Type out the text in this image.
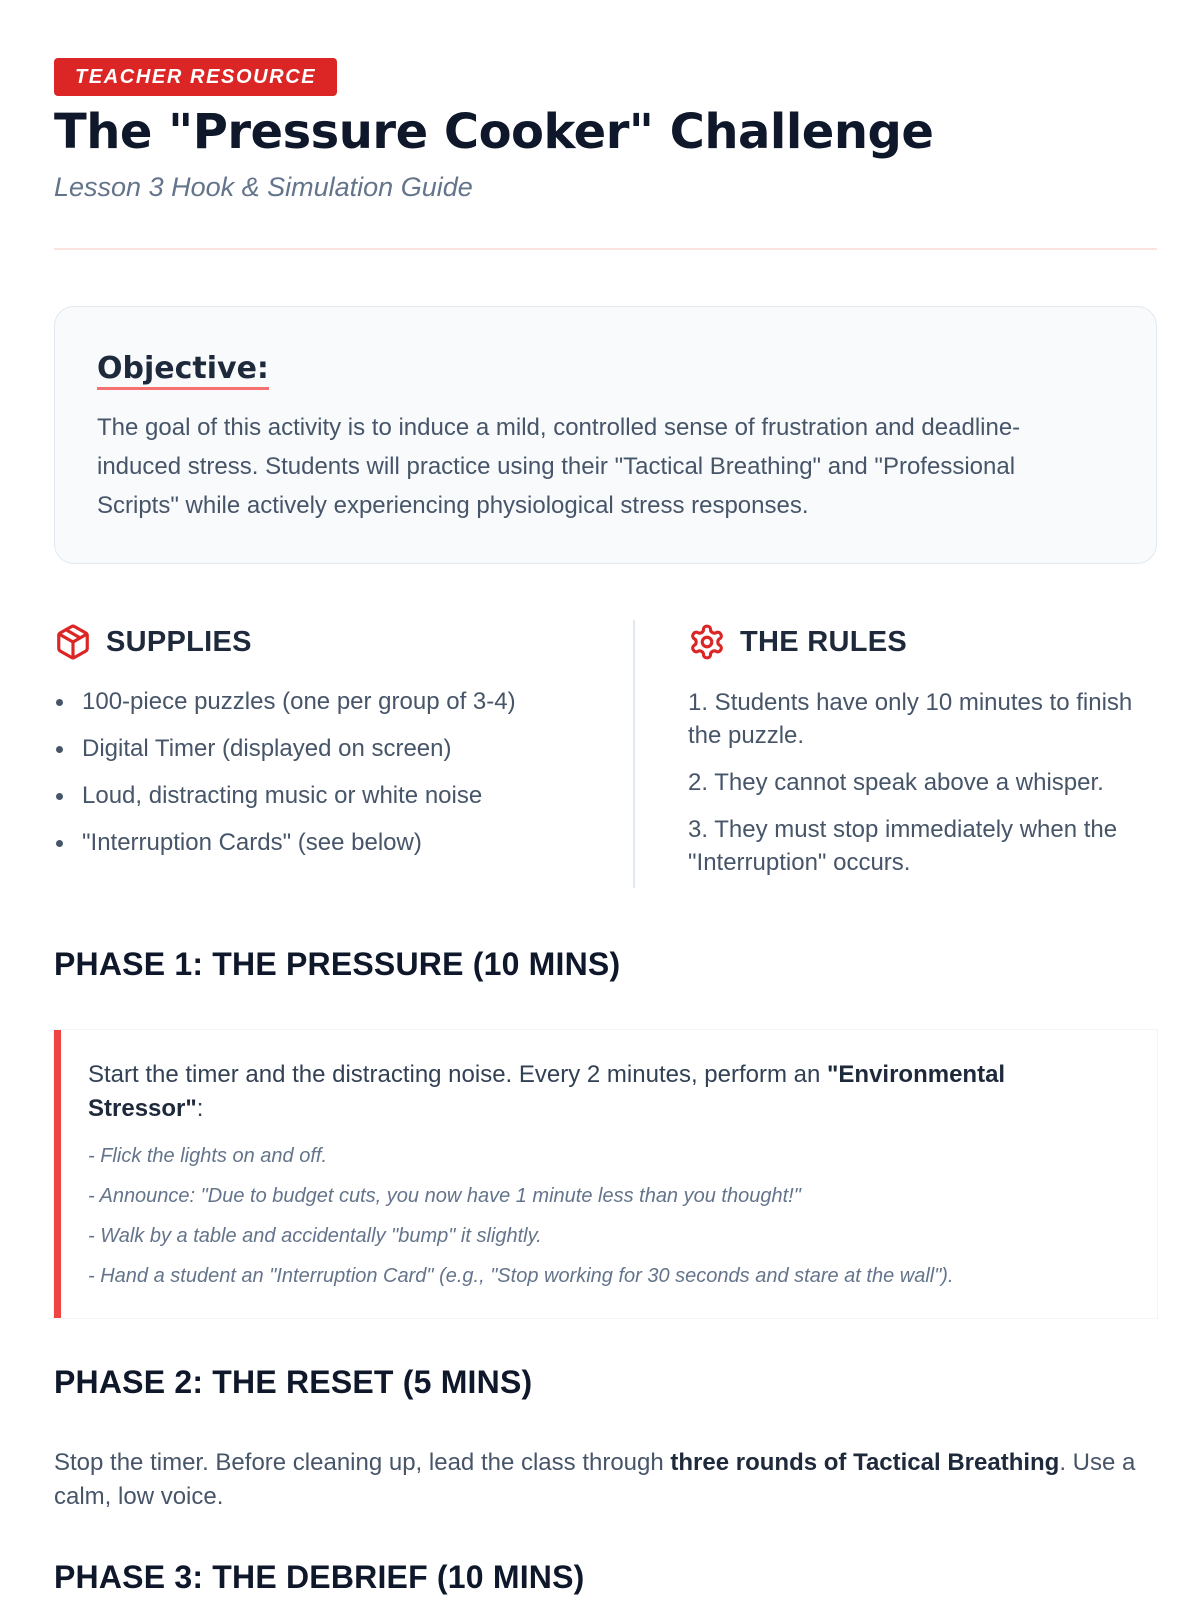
TEACHER RESOURCE
The "Pressure Cooker" Challenge
Lesson 3 Hook & Simulation Guide
Objective:

The goal of this activity is to induce a mild, controlled sense of frustration and deadline-induced stress. Students will practice using their "Tactical Breathing" and "Professional Scripts" while actively experiencing physiological stress responses.

SUPPLIES
100-piece puzzles (one per group of 3-4)
Digital Timer (displayed on screen)
Loud, distracting music or white noise
"Interruption Cards" (see below)
THE RULES
1. Students have only 10 minutes to finish the puzzle.
2. They cannot speak above a whisper.
3. They must stop immediately when the "Interruption" occurs.
PHASE 1: THE PRESSURE (10 MINS)

Start the timer and the distracting noise. Every 2 minutes, perform an "Environmental Stressor":

- Flick the lights on and off.
- Announce: "Due to budget cuts, you now have 1 minute less than you thought!"
- Walk by a table and accidentally "bump" it slightly.
- Hand a student an "Interruption Card" (e.g., "Stop working for 30 seconds and stare at the wall").
PHASE 2: THE RESET (5 MINS)

Stop the timer. Before cleaning up, lead the class through three rounds of Tactical Breathing. Use a calm, low voice.

PHASE 3: THE DEBRIEF (10 MINS)
